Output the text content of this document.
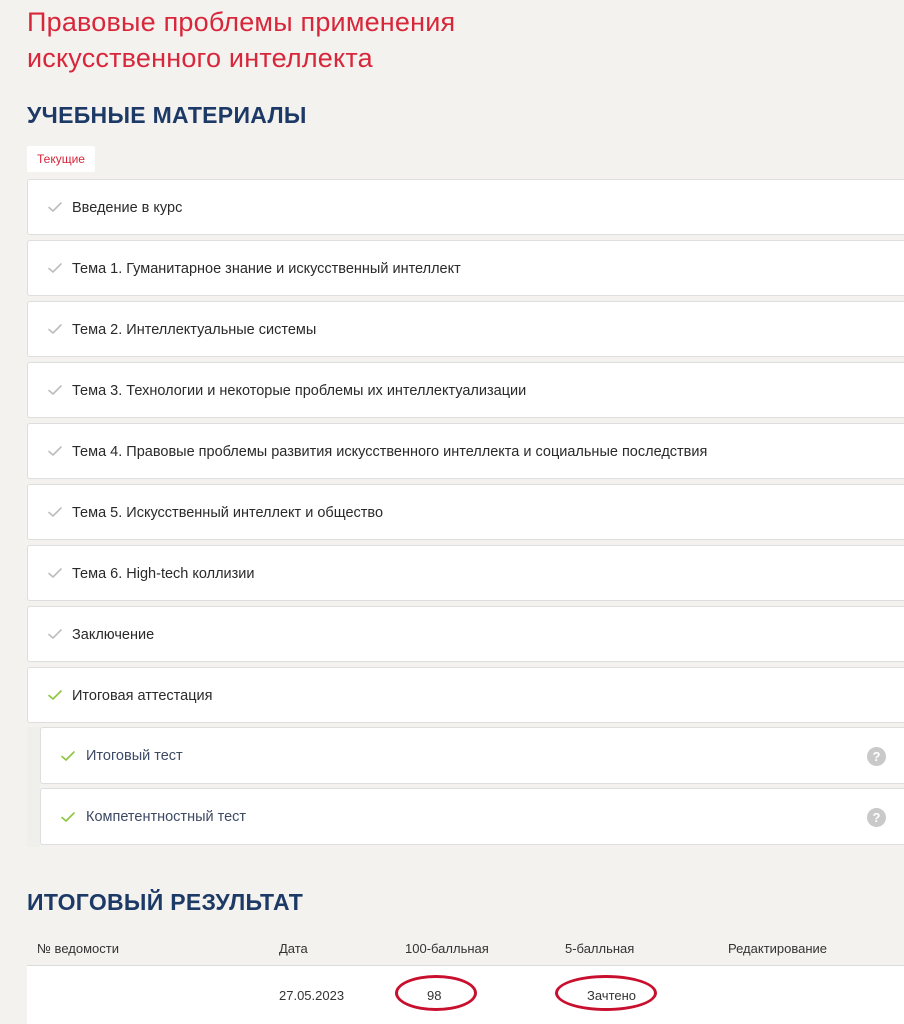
Правовые проблемы применения искусственного интеллекта
УЧЕБНЫЕ МАТЕРИАЛЫ
Текущие
Введение в курс
Тема 1. Гуманитарное знание и искусственный интеллект
Тема 2. Интеллектуальные системы
Тема 3. Технологии и некоторые проблемы их интеллектуализации
Тема 4. Правовые проблемы развития искусственного интеллекта и социальные последствия
Тема 5. Искусственный интеллект и общество
Тема 6. High-tech коллизии
Заключение
Итоговая аттестация
Итоговый тест	?
Компетентностный тест	?
ИТОГОВЫЙ РЕЗУЛЬТАТ
№ ведомости	Дата	100-балльная	5-балльная	Редактирование
	27.05.2023	98	Зачтено	
